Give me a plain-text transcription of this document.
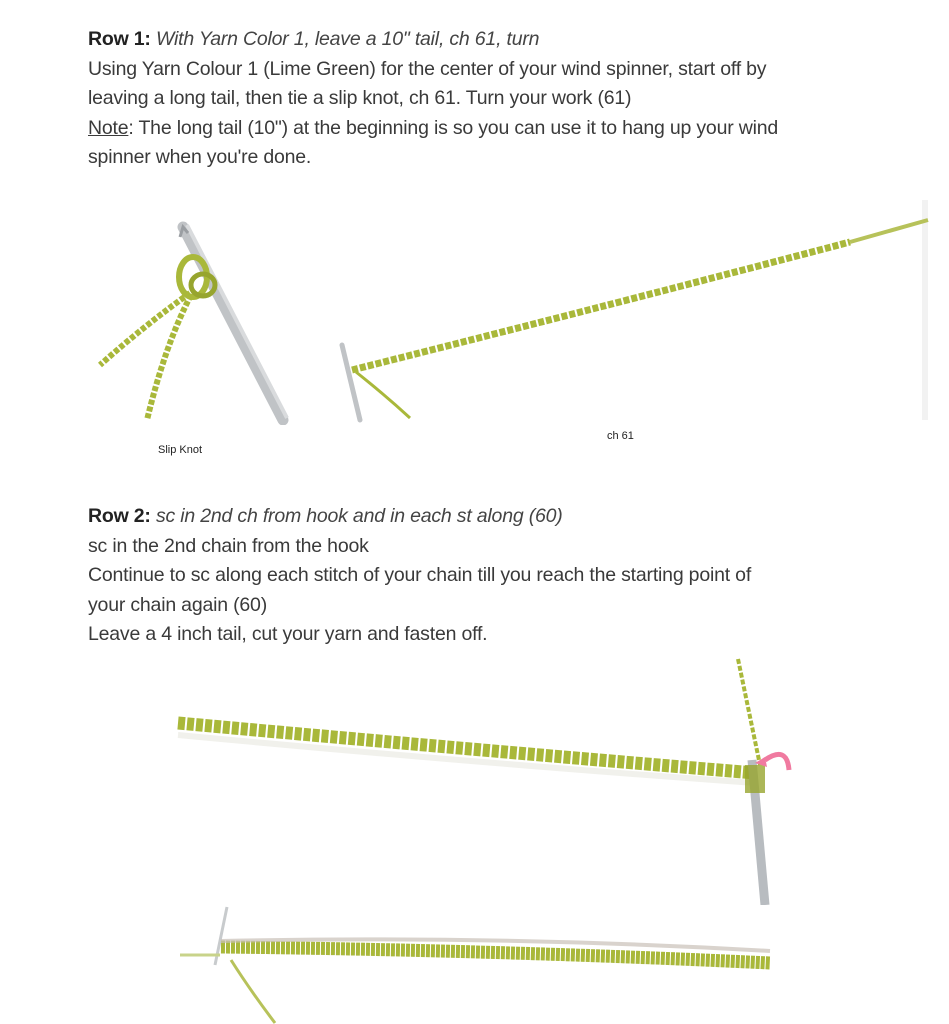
Row 1: With Yarn Color 1, leave a 10" tail, ch 61, turn
Using Yarn Colour 1 (Lime Green) for the center of your wind spinner, start off by
leaving a long tail, then tie a slip knot, ch 61. Turn your work (61)
Note: The long tail (10") at the beginning is so you can use it to hang up your wind
spinner when you're done.
Slip Knot
ch 61
Row 2: sc in 2nd ch from hook and in each st along (60)
sc in the 2nd chain from the hook
Continue to sc along each stitch of your chain till you reach the starting point of
your chain again (60)
Leave a 4 inch tail, cut your yarn and fasten off.
